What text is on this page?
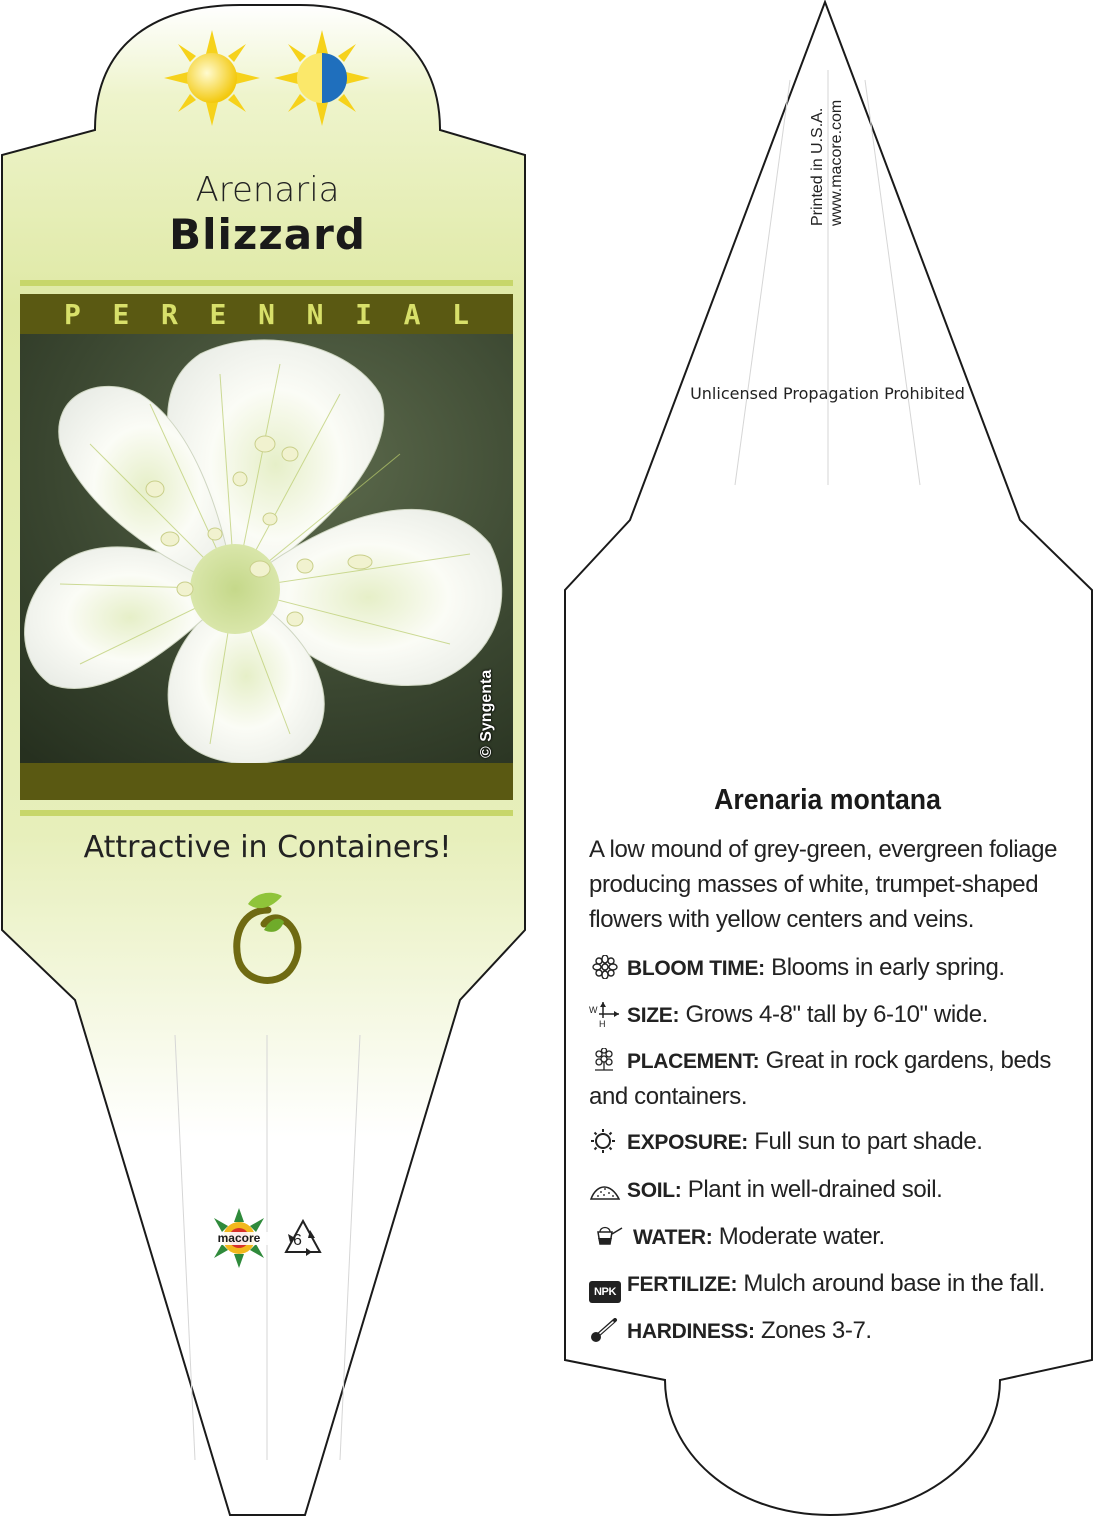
Arenaria
Blizzard
P E R E N N I A L
© Syngenta
Attractive in Containers!
macore 6
Printed in U.S.A. www.macore.com
Unlicensed Propagation Prohibited
Arenaria montana
A low mound of grey-green, evergreen foliage producing masses of white, trumpet-shaped flowers with yellow centers and veins.
BLOOM TIME: Blooms in early spring.
W
H SIZE: Grows 4-8" tall by 6-10" wide.
PLACEMENT: Great in rock gardens, beds and containers.
EXPOSURE: Full sun to part shade.
SOIL: Plant in well-drained soil.
WATER: Moderate water.
NPK FERTILIZE: Mulch around base in the fall.
HARDINESS: Zones 3-7.
